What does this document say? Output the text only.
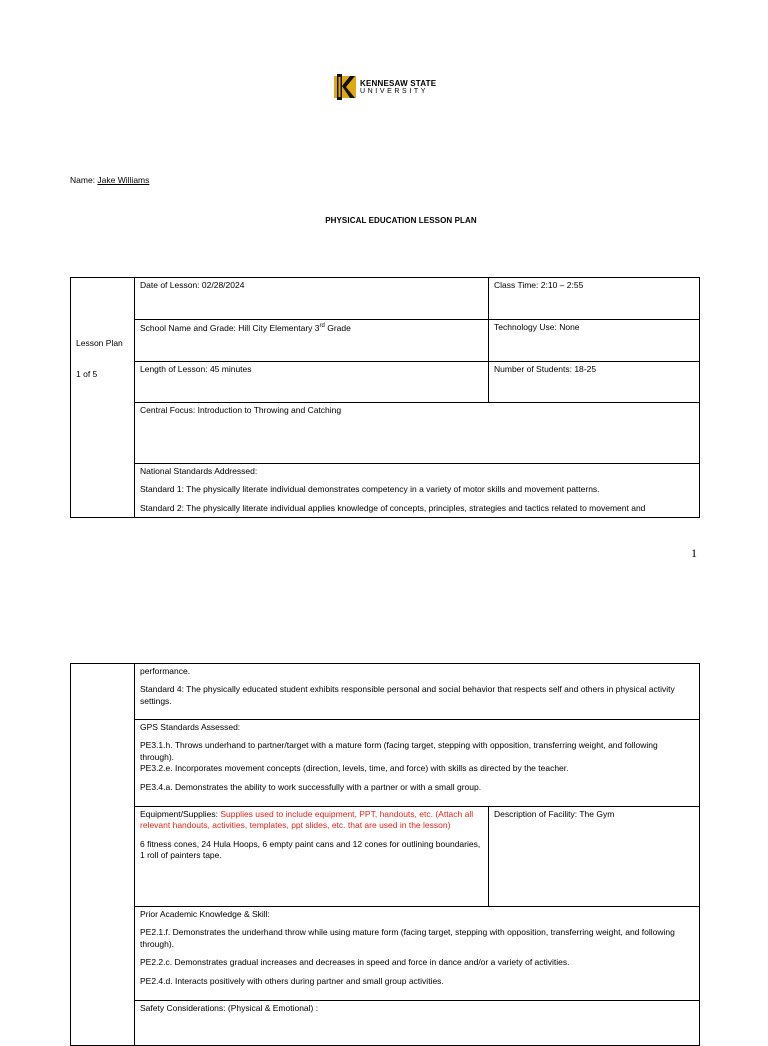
KENNESAW STATE
UNIVERSITY
Name: Jake Williams
PHYSICAL EDUCATION LESSON PLAN
Lesson Plan
1 of 5	Date of Lesson: 02/28/2024	Class Time: 2:10 – 2:55
	School Name and Grade: Hill City Elementary 3rd Grade	Technology Use: None
	Length of Lesson: 45 minutes	Number of Students: 18-25
	Central Focus: Introduction to Throwing and Catching	

	National Standards Addressed:

Standard 1: The physically literate individual demonstrates competency in a variety of motor skills and movement patterns.

Standard 2: The physically literate individual applies knowledge of concepts, principles, strategies and tactics related to movement and	

1

	performance.

Standard 4: The physically educated student exhibits responsible personal and social behavior that respects self and others in physical activity settings.	

	GPS Standards Assessed:

PE3.1.h. Throws underhand to partner/target with a mature form (facing target, stepping with opposition, transferring weight, and following through).

PE3.2.e. Incorporates movement concepts (direction, levels, time, and force) with skills as directed by the teacher.

PE3.4.a. Demonstrates the ability to work successfully with a partner or with a small group.	

	Equipment/Supplies: Supplies used to include equipment, PPT, handouts, etc. (Attach all relevant handouts, activities, templates, ppt slides, etc. that are used in the lesson)

6 fitness cones, 24 Hula Hoops, 6 empty paint cans and 12 cones for outlining boundaries, 1 roll of painters tape.	Description of Facility: The Gym

	Prior Academic Knowledge & Skill:

PE2.1.f. Demonstrates the underhand throw while using mature form (facing target, stepping with opposition, transferring weight, and following through).

PE2.2.c. Demonstrates gradual increases and decreases in speed and force in dance and/or a variety of activities.

PE2.4.d. Interacts positively with others during partner and small group activities.	

	Safety Considerations: (Physical & Emotional) :	
